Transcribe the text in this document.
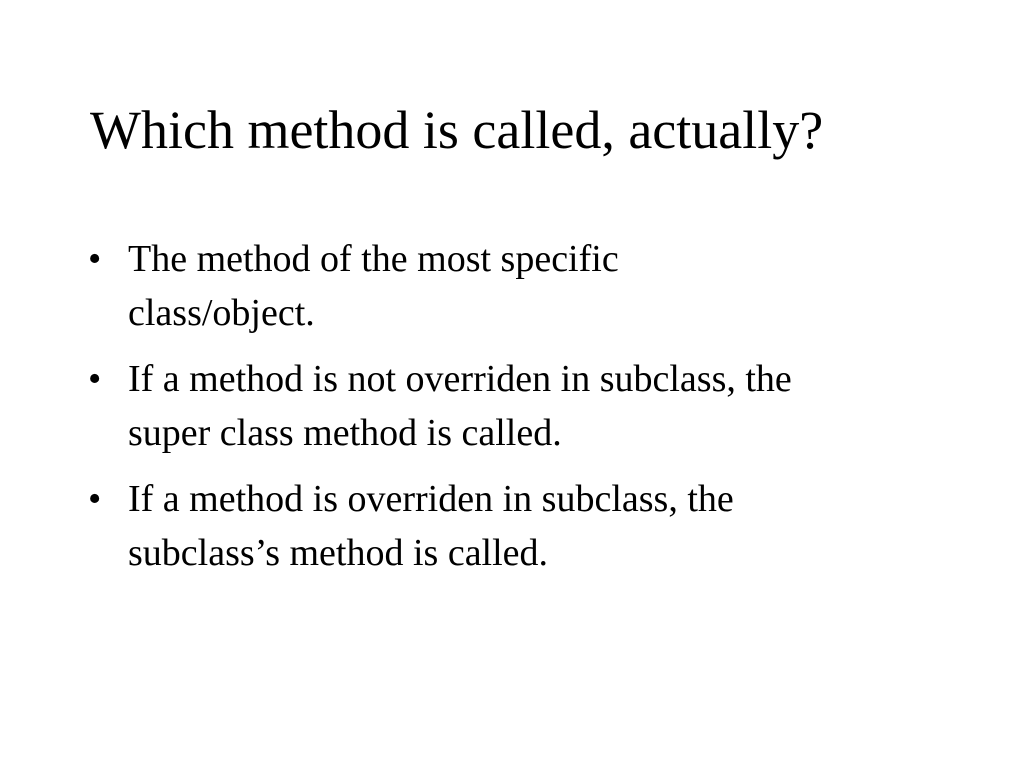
Which method is called, actually?
• The method of the most specific
class/object.
• If a method is not overriden in subclass, the
super class method is called.
• If a method is overriden in subclass, the
subclass’s method is called.
